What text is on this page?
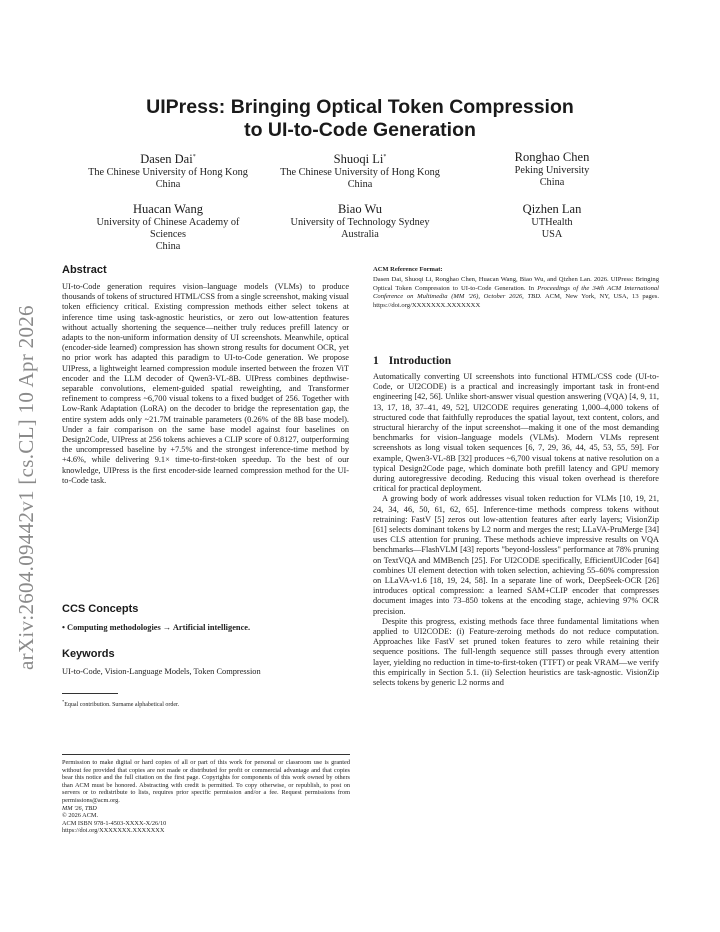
arXiv:2604.09442v1 [cs.CL] 10 Apr 2026
UIPress: Bringing Optical Token Compression
to UI-to-Code Generation
Dasen Dai*
The Chinese University of Hong Kong
China
Shuoqi Li*
The Chinese University of Hong Kong
China
Ronghao Chen
Peking University
China
Huacan Wang
University of Chinese Academy of
Sciences
China
Biao Wu
University of Technology Sydney
Australia
Qizhen Lan
UTHealth
USA
Abstract

UI-to-Code generation requires vision–language models (VLMs) to produce thousands of tokens of structured HTML/CSS from a single screenshot, making visual token efficiency critical. Existing compression methods either select tokens at inference time using task-agnostic heuristics, or zero out low-attention features without actually shortening the sequence—neither truly reduces prefill latency or adapts to the non-uniform information density of UI screenshots. Meanwhile, optical (encoder-side learned) compression has shown strong results for document OCR, yet no prior work has adapted this paradigm to UI-to-Code generation. We propose UIPress, a lightweight learned compression module inserted between the frozen ViT encoder and the LLM decoder of Qwen3-VL-8B. UIPress combines depthwise-separable convolutions, element-guided spatial reweighting, and Transformer refinement to compress ~6,700 visual tokens to a fixed budget of 256. Together with Low-Rank Adaptation (LoRA) on the decoder to bridge the representation gap, the entire system adds only ~21.7M trainable parameters (0.26% of the 8B base model). Under a fair comparison on the same base model against four baselines on Design2Code, UIPress at 256 tokens achieves a CLIP score of 0.8127, outperforming the uncompressed baseline by +7.5% and the strongest inference-time method by +4.6%, while delivering 9.1× time-to-first-token speedup. To the best of our knowledge, UIPress is the first encoder-side learned compression method for the UI-to-Code task.

CCS Concepts
• Computing methodologies → Artificial intelligence.
Keywords
UI-to-Code, Vision-Language Models, Token Compression
*Equal contribution. Surname alphabetical order.

Permission to make digital or hard copies of all or part of this work for personal or classroom use is granted without fee provided that copies are not made or distributed for profit or commercial advantage and that copies bear this notice and the full citation on the first page. Copyrights for components of this work owned by others than ACM must be honored. Abstracting with credit is permitted. To copy otherwise, or republish, to post on servers or to redistribute to lists, requires prior specific permission and/or a fee. Request permissions from permissions@acm.org.

MM '26, TBD

© 2026 ACM.

ACM ISBN 978-1-4503-XXXX-X/26/10

https://doi.org/XXXXXXX.XXXXXXX

ACM Reference Format:
Dasen Dai, Shuoqi Li, Ronghao Chen, Huacan Wang, Biao Wu, and Qizhen Lan. 2026. UIPress: Bringing Optical Token Compression to UI-to-Code Generation. In Proceedings of the 34th ACM International Conference on Multimedia (MM '26), October 2026, TBD. ACM, New York, NY, USA, 13 pages. https://doi.org/XXXXXXX.XXXXXXX
1 Introduction

Automatically converting UI screenshots into functional HTML/CSS code (UI-to-Code, or UI2CODE) is a practical and increasingly important task in front-end engineering [42, 56]. Unlike short-answer visual question answering (VQA) [4, 9, 11, 13, 17, 18, 37–41, 49, 52], UI2CODE requires generating 1,000–4,000 tokens of structured code that faithfully reproduces the spatial layout, text content, colors, and structural hierarchy of the input screenshot—making it one of the most demanding benchmarks for vision–language models (VLMs). Modern VLMs represent screenshots as long visual token sequences [6, 7, 29, 36, 44, 45, 53, 55, 59]. For example, Qwen3-VL-8B [32] produces ~6,700 visual tokens at native resolution on a typical Design2Code page, which dominate both prefill latency and GPU memory during autoregressive decoding. Reducing this visual token overhead is therefore critical for practical deployment.

A growing body of work addresses visual token reduction for VLMs [10, 19, 21, 24, 34, 46, 50, 61, 62, 65]. Inference-time methods compress tokens without retraining: FastV [5] zeros out low-attention features after early layers; VisionZip [61] selects dominant tokens by L2 norm and merges the rest; LLaVA-PruMerge [34] uses CLS attention for pruning. These methods achieve impressive results on VQA benchmarks—FlashVLM [43] reports "beyond-lossless" performance at 78% pruning on TextVQA and MMBench [25]. For UI2CODE specifically, EfficientUICoder [64] combines UI element detection with token selection, achieving 55–60% compression on LLaVA-v1.6 [18, 19, 24, 58]. In a separate line of work, DeepSeek-OCR [26] introduces optical compression: a learned SAM+CLIP encoder that compresses document images into 73–850 tokens at the encoding stage, achieving 97% OCR precision.

Despite this progress, existing methods face three fundamental limitations when applied to UI2CODE: (i) Feature-zeroing methods do not reduce computation. Approaches like FastV set pruned token features to zero while retaining their sequence positions. The full-length sequence still passes through every attention layer, yielding no reduction in time-to-first-token (TTFT) or peak VRAM—we verify this empirically in Section 5.1. (ii) Selection heuristics are task-agnostic. VisionZip selects tokens by generic L2 norms and
